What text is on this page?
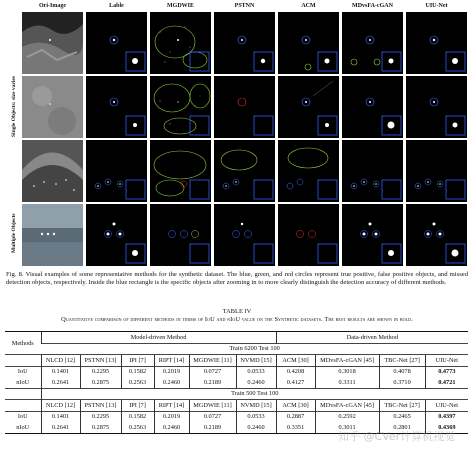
Ori-Image	Lable	MGDWIE	PSTNN	ACM	MDvsFA-cGAN	UIU-Net
Single Objects: size varies
Multiple Objects
Fig. 8. Visual examples of some representative methods for the synthetic dataset. The blue, green, and red circles represent true positive, false positive objects, and missed detection objects, respectively. Inside the blue rectangle is the specific objects after zooming in to more clearly distinguish the detection accuracy of different methods.
TABLE IV
Quantitative comparison of different methods in terms of IoU and nIoU value on the Synthetic datasets. The best results are shown in bold.
Methods	Model-driven Method						Data-driven Method			
	Train 6200 Test 100									
	NLCD [12]	PSTNN [13]	IPI [7]	RIPT [14]	MGDWIE [11]	NVMD [15]	ACM [30]	MDvsFA-cGAN [45]	TBC-Net [27]	UIU-Net
IoU	0.1401	0.2295	0.1582	0.2019	0.0727	0.0533	0.4208	0.3018	0.4078	0.4773
nIoU	0.2641	0.2875	0.2563	0.2460	0.2189	0.2460	0.4127	0.3311	0.3710	0.4721
	Train 500 Test 100									
	NLCD [12]	PSTNN [13]	IPI [7]	RIPT [14]	MGDWIE [11]	NVMD [15]	ACM [30]	MDvsFA-cGAN [45]	TBC-Net [27]	UIU-Net
IoU	0.1401	0.2295	0.1582	0.2019	0.0727	0.0533	0.2887	0.2592	0.2465	0.4397
nIoU	0.2641	0.2875	0.2563	0.2460	0.2189	0.2460	0.3351	0.3011	0.2801	0.4369
知乎 @CVer计算机视觉
